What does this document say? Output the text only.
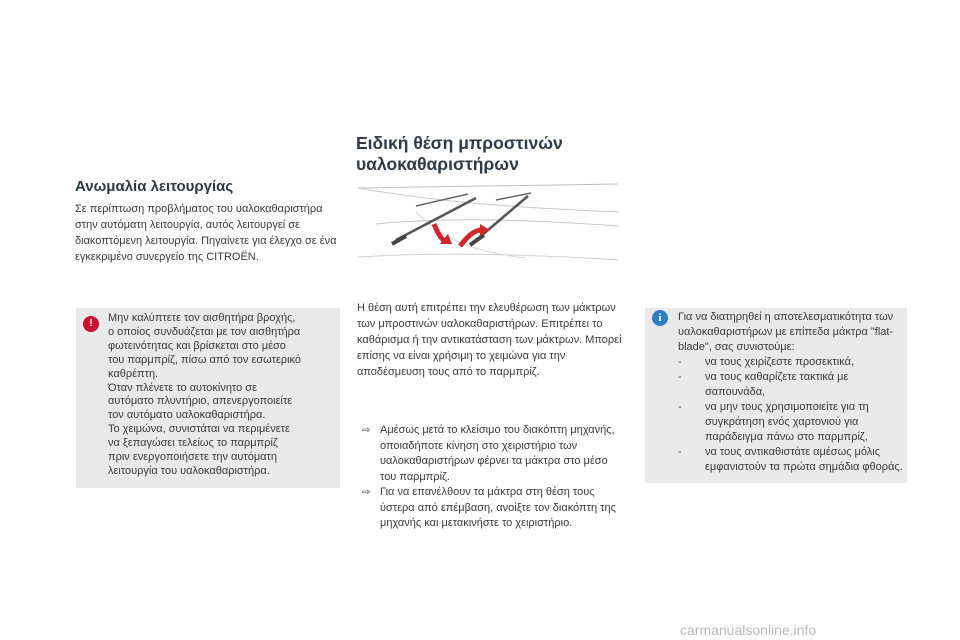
Ανωμαλία λειτουργίας
Σε περίπτωση προβλήματος του υαλοκαθαριστήρα στην αυτόματη λειτουργία, αυτός λειτουργεί σε διακοπτόμενη λειτουργία. Πηγαίνετε για έλεγχο σε ένα εγκεκριμένο συνεργείο της CITROËN.
!	Μην καλύπτετε τον αισθητήρα βροχής,
ο οποίος συνδυάζεται με τον αισθητήρα
φωτεινότητας και βρίσκεται στο μέσο
του παρμπρίζ, πίσω από τον εσωτερικό
καθρέπτη.
Όταν πλένετε το αυτοκίνητο σε
αυτόματο πλυντήριο, απενεργοποιείτε
τον αυτόματο υαλοκαθαριστήρα.
Το χειμώνα, συνιστάται να περιμένετε
να ξεπαγώσει τελείως το παρμπρίζ
πριν ενεργοποιήσετε την αυτόματη
λειτουργία του υαλοκαθαριστήρα.
Ειδική θέση μπροστινών
υαλοκαθαριστήρων
Η θέση αυτή επιτρέπει την ελευθέρωση των μάκτρων των μπροστινών υαλοκαθαριστήρων. Επιτρέπει το καθάρισμα ή την αντικατάσταση των μάκτρων. Μπορεί επίσης να είναι χρήσιμη το χειμώνα για την αποδέσμευση τους από το παρμπρίζ.
⇨ Αμέσως μετά το κλείσιμο του διακόπτη μηχανής, οποιαδήποτε κίνηση στο χειριστήριο των υαλοκαθαριστήρων φέρνει τα μάκτρα στο μέσο του παρμπρίζ.
⇨ Για να επανέλθουν τα μάκτρα στη θέση τους ύστερα από επέμβαση, ανοίξτε τον διακόπτη της μηχανής και μετακινήστε το χειριστήριο.
i	Για να διατηρηθεί η αποτελεσματικότητα των υαλοκαθαριστήρων με επίπεδα μάκτρα "flat-blade", σας συνιστούμε:
- να τους χειρίζεστε προσεκτικά,
- να τους καθαρίζετε τακτικά με σαπουνάδα,
- να μην τους χρησιμοποιείτε για τη συγκράτηση ενός χαρτονιού για παράδειγμα πάνω στο παρμπρίζ,
- να τους αντικαθιστάτε αμέσως μόλις εμφανιστούν τα πρώτα σημάδια φθοράς.
carmanualsonline.info
